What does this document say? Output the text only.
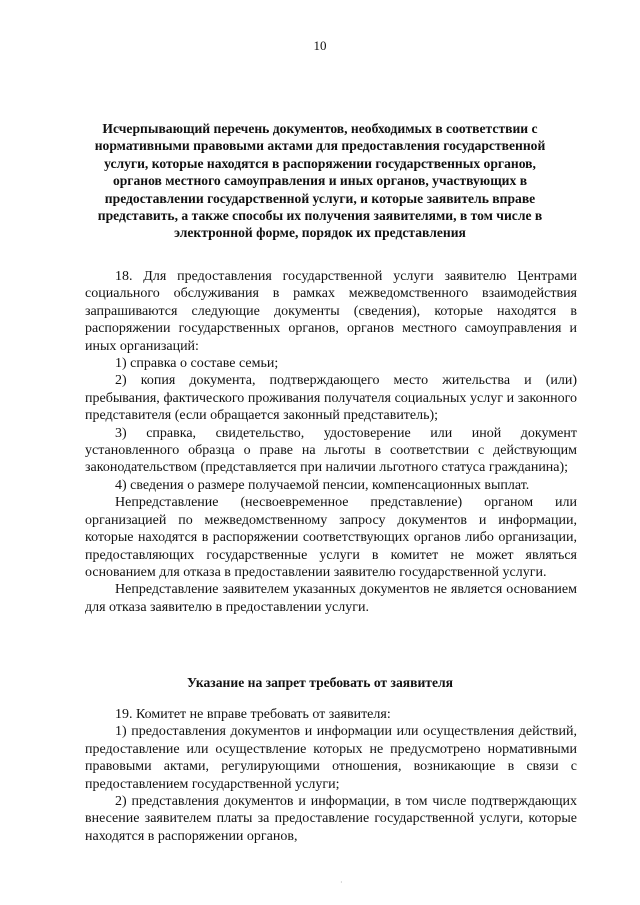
10
Исчерпывающий перечень документов, необходимых в соответствии с нормативными правовыми актами для предоставления государственной услуги, которые находятся в распоряжении государственных органов, органов местного самоуправления и иных органов, участвующих в предоставлении государственной услуги, и которые заявитель вправе представить, а также способы их получения заявителями, в том числе в электронной форме, порядок их представления

18. Для предоставления государственной услуги заявителю Центрами социального обслуживания в рамках межведомственного взаимодействия запрашиваются следующие документы (сведения), которые находятся в распоряжении государственных органов, органов местного самоуправления и иных организаций:

1) справка о составе семьи;

2) копия документа, подтверждающего место жительства и (или) пребывания, фактического проживания получателя социальных услуг и законного представителя (если обращается законный представитель);

3) справка, свидетельство, удостоверение или иной документ установленного образца о праве на льготы в соответствии с действующим законодательством (представляется при наличии льготного статуса гражданина);

4) сведения о размере получаемой пенсии, компенсационных выплат.

Непредставление (несвоевременное представление) органом или организацией по межведомственному запросу документов и информации, которые находятся в распоряжении соответствующих органов либо организации, предоставляющих государственные услуги в комитет не может являться основанием для отказа в предоставлении заявителю государственной услуги.

Непредставление заявителем указанных документов не является основанием для отказа заявителю в предоставлении услуги.

Указание на запрет требовать от заявителя

19. Комитет не вправе требовать от заявителя:

1) предоставления документов и информации или осуществления действий, предоставление или осуществление которых не предусмотрено нормативными правовыми актами, регулирующими отношения, возникающие в связи с предоставлением государственной услуги;

2) представления документов и информации, в том числе подтверждающих внесение заявителем платы за предоставление государственной услуги, которые находятся в распоряжении органов,

·
